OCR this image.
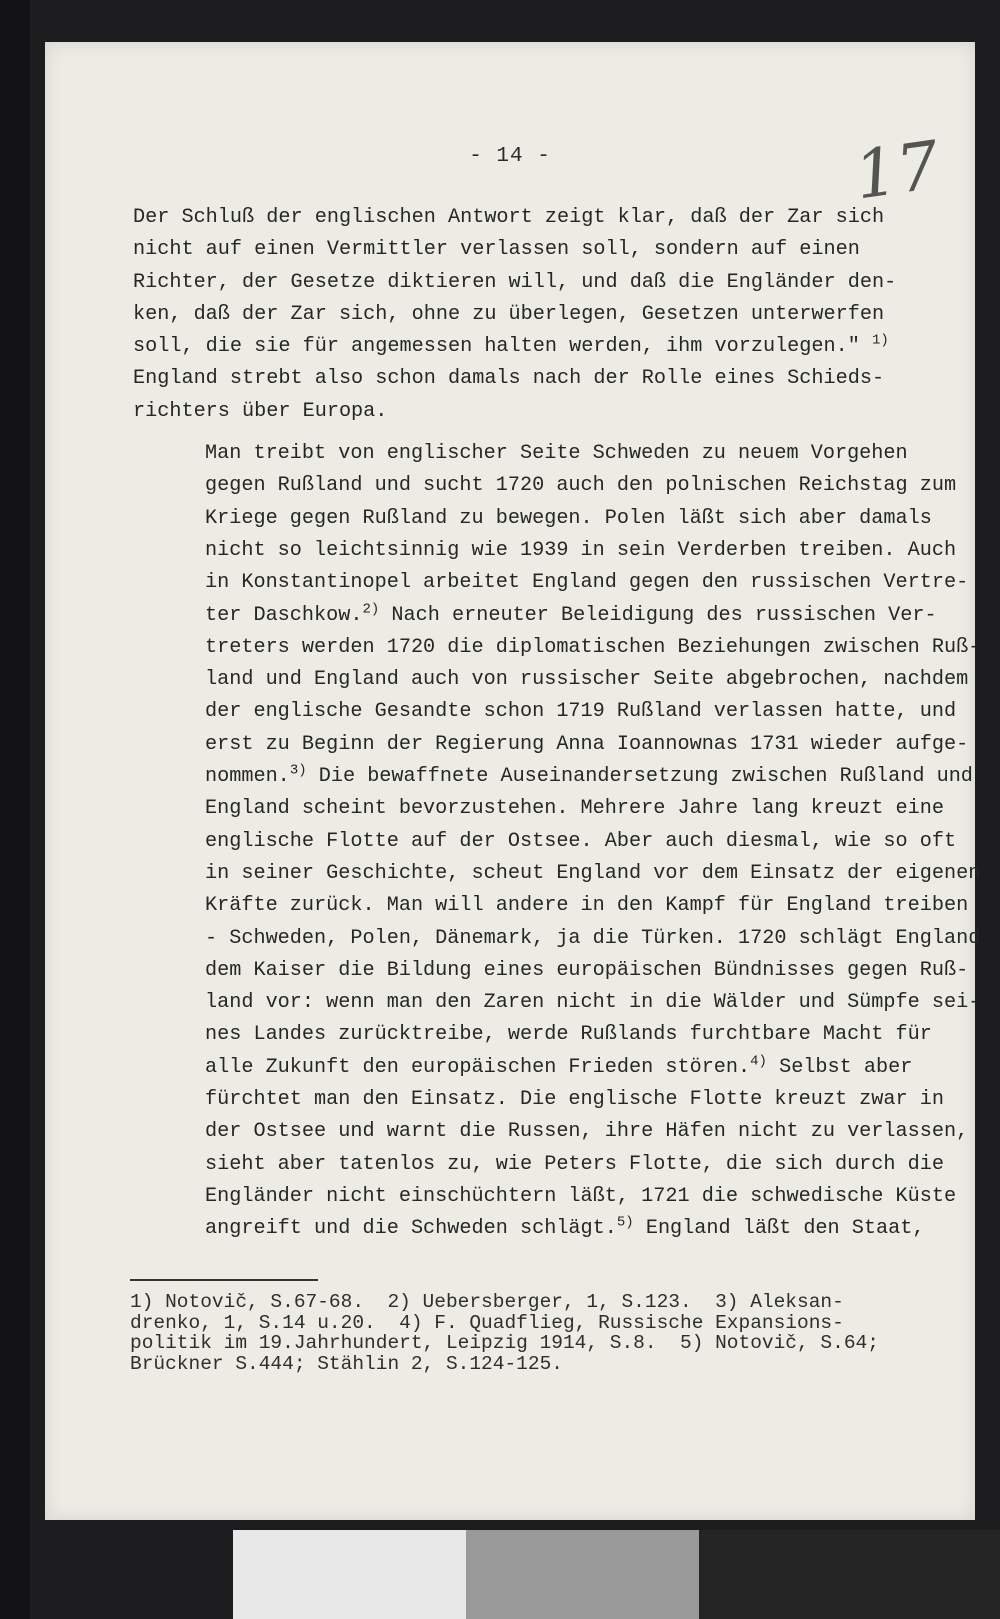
- 14 -	17

Der Schluß der englischen Antwort zeigt klar, daß der Zar sich
nicht auf einen Vermittler verlassen soll, sondern auf einen
Richter, der Gesetze diktieren will, und daß die Engländer den-
ken, daß der Zar sich, ohne zu überlegen, Gesetzen unterwerfen
soll, die sie für angemessen halten werden, ihm vorzulegen." $^{1)}$
England strebt also schon damals nach der Rolle eines Schieds-
richters über Europa.

Man treibt von englischer Seite Schweden zu neuem Vorgehen
gegen Rußland und sucht 1720 auch den polnischen Reichstag zum
Kriege gegen Rußland zu bewegen. Polen läßt sich aber damals
nicht so leichtsinnig wie 1939 in sein Verderben treiben. Auch
in Konstantinopel arbeitet England gegen den russischen Vertre-
ter Daschkow.$^{2)}$ Nach erneuter Beleidigung des russischen Ver-
treters werden 1720 die diplomatischen Beziehungen zwischen Ruß-
land und England auch von russischer Seite abgebrochen, nachdem
der englische Gesandte schon 1719 Rußland verlassen hatte, und
erst zu Beginn der Regierung Anna Ioannownas 1731 wieder aufge-
nommen.$^{3)}$ Die bewaffnete Auseinandersetzung zwischen Rußland und
England scheint bevorzustehen. Mehrere Jahre lang kreuzt eine
englische Flotte auf der Ostsee. Aber auch diesmal, wie so oft
in seiner Geschichte, scheut England vor dem Einsatz der eigenen
Kräfte zurück. Man will andere in den Kampf für England treiben
- Schweden, Polen, Dänemark, ja die Türken. 1720 schlägt England
dem Kaiser die Bildung eines europäischen Bündnisses gegen Ruß-
land vor: wenn man den Zaren nicht in die Wälder und Sümpfe sei-
nes Landes zurücktreibe, werde Rußlands furchtbare Macht für
alle Zukunft den europäischen Frieden stören.$^{4)}$ Selbst aber
fürchtet man den Einsatz. Die englische Flotte kreuzt zwar in
der Ostsee und warnt die Russen, ihre Häfen nicht zu verlassen,
sieht aber tatenlos zu, wie Peters Flotte, die sich durch die
Engländer nicht einschüchtern läßt, 1721 die schwedische Küste
angreift und die Schweden schlägt.$^{5)}$ England läßt den Staat,

1) Notovič, S.67-68.  2) Uebersberger, 1, S.123.  3) Aleksan-
drenko, 1, S.14 u.20.  4) F. Quadflieg, Russische Expansions-
politik im 19.Jahrhundert, Leipzig 1914, S.8.  5) Notovič, S.64;
Brückner S.444; Stählin 2, S.124-125.
